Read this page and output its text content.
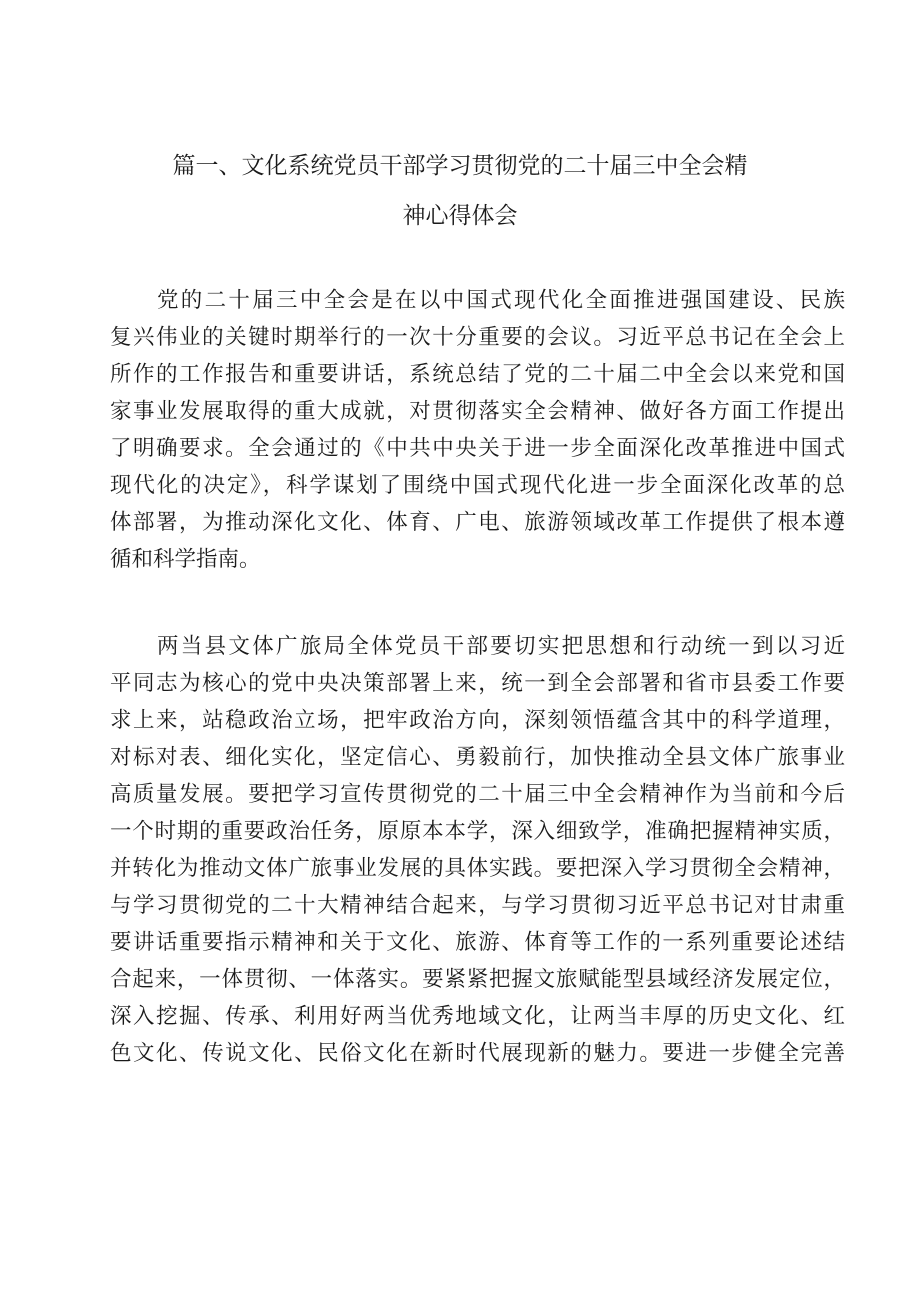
篇一、文化系统党员干部学习贯彻党的二十届三中全会精
神心得体会
党的二十届三中全会是在以中国式现代化全面推进强国建设、民族
复兴伟业的关键时期举行的一次十分重要的会议。习近平总书记在全会上
所作的工作报告和重要讲话，系统总结了党的二十届二中全会以来党和国
家事业发展取得的重大成就，对贯彻落实全会精神、做好各方面工作提出
了明确要求。全会通过的《中共中央关于进一步全面深化改革推进中国式
现代化的决定》，科学谋划了围绕中国式现代化进一步全面深化改革的总
体部署，为推动深化文化、体育、广电、旅游领域改革工作提供了根本遵
循和科学指南。
两当县文体广旅局全体党员干部要切实把思想和行动统一到以习近
平同志为核心的党中央决策部署上来，统一到全会部署和省市县委工作要
求上来，站稳政治立场，把牢政治方向，深刻领悟蕴含其中的科学道理，
对标对表、细化实化，坚定信心、勇毅前行，加快推动全县文体广旅事业
高质量发展。要把学习宣传贯彻党的二十届三中全会精神作为当前和今后
一个时期的重要政治任务，原原本本学，深入细致学，准确把握精神实质，
并转化为推动文体广旅事业发展的具体实践。要把深入学习贯彻全会精神，
与学习贯彻党的二十大精神结合起来，与学习贯彻习近平总书记对甘肃重
要讲话重要指示精神和关于文化、旅游、体育等工作的一系列重要论述结
合起来，一体贯彻、一体落实。要紧紧把握文旅赋能型县域经济发展定位，
深入挖掘、传承、利用好两当优秀地域文化，让两当丰厚的历史文化、红
色文化、传说文化、民俗文化在新时代展现新的魅力。要进一步健全完善
